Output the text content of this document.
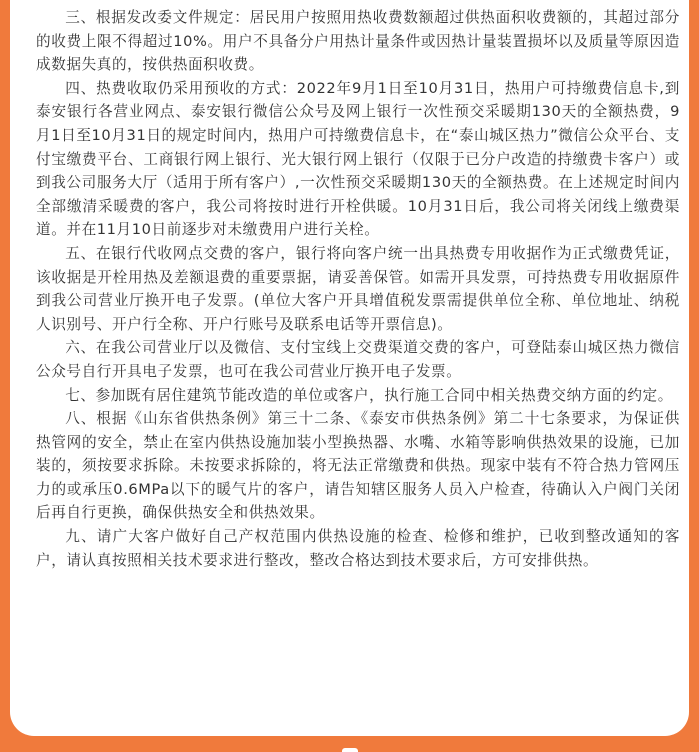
三、根据发改委文件规定：居民用户按照用热收费数额超过供热面积收费额的，其超过部分的收费上限不得超过10%。用户不具备分户用热计量条件或因热计量装置损坏以及质量等原因造成数据失真的，按供热面积收费。

四、热费收取仍采用预收的方式：2022年9月1日至10月31日，热用户可持缴费信息卡,到泰安银行各营业网点、泰安银行微信公众号及网上银行一次性预交采暖期130天的全额热费，9月1日至10月31日的规定时间内，热用户可持缴费信息卡，在“泰山城区热力”微信公众平台、支付宝缴费平台、工商银行网上银行、光大银行网上银行（仅限于已分户改造的持缴费卡客户）或到我公司服务大厅（适用于所有客户）,一次性预交采暖期130天的全额热费。在上述规定时间内全部缴清采暖费的客户，我公司将按时进行开栓供暖。10月31日后，我公司将关闭线上缴费渠道。并在11月10日前逐步对未缴费用户进行关栓。

五、在银行代收网点交费的客户，银行将向客户统一出具热费专用收据作为正式缴费凭证，该收据是开栓用热及差额退费的重要票据，请妥善保管。如需开具发票，可持热费专用收据原件到我公司营业厅换开电子发票。(单位大客户开具增值税发票需提供单位全称、单位地址、纳税人识别号、开户行全称、开户行账号及联系电话等开票信息)。

六、在我公司营业厅以及微信、支付宝线上交费渠道交费的客户，可登陆泰山城区热力微信公众号自行开具电子发票，也可在我公司营业厅换开电子发票。

七、参加既有居住建筑节能改造的单位或客户，执行施工合同中相关热费交纳方面的约定。

八、根据《山东省供热条例》第三十二条、《泰安市供热条例》第二十七条要求，为保证供热管网的安全，禁止在室内供热设施加装小型换热器、水嘴、水箱等影响供热效果的设施，已加装的，须按要求拆除。未按要求拆除的，将无法正常缴费和供热。现家中装有不符合热力管网压力的或承压0.6MPa以下的暖气片的客户，请告知辖区服务人员入户检查，待确认入户阀门关闭后再自行更换，确保供热安全和供热效果。

九、请广大客户做好自己产权范围内供热设施的检查、检修和维护，已收到整改通知的客户，请认真按照相关技术要求进行整改，整改合格达到技术要求后，方可安排供热。
